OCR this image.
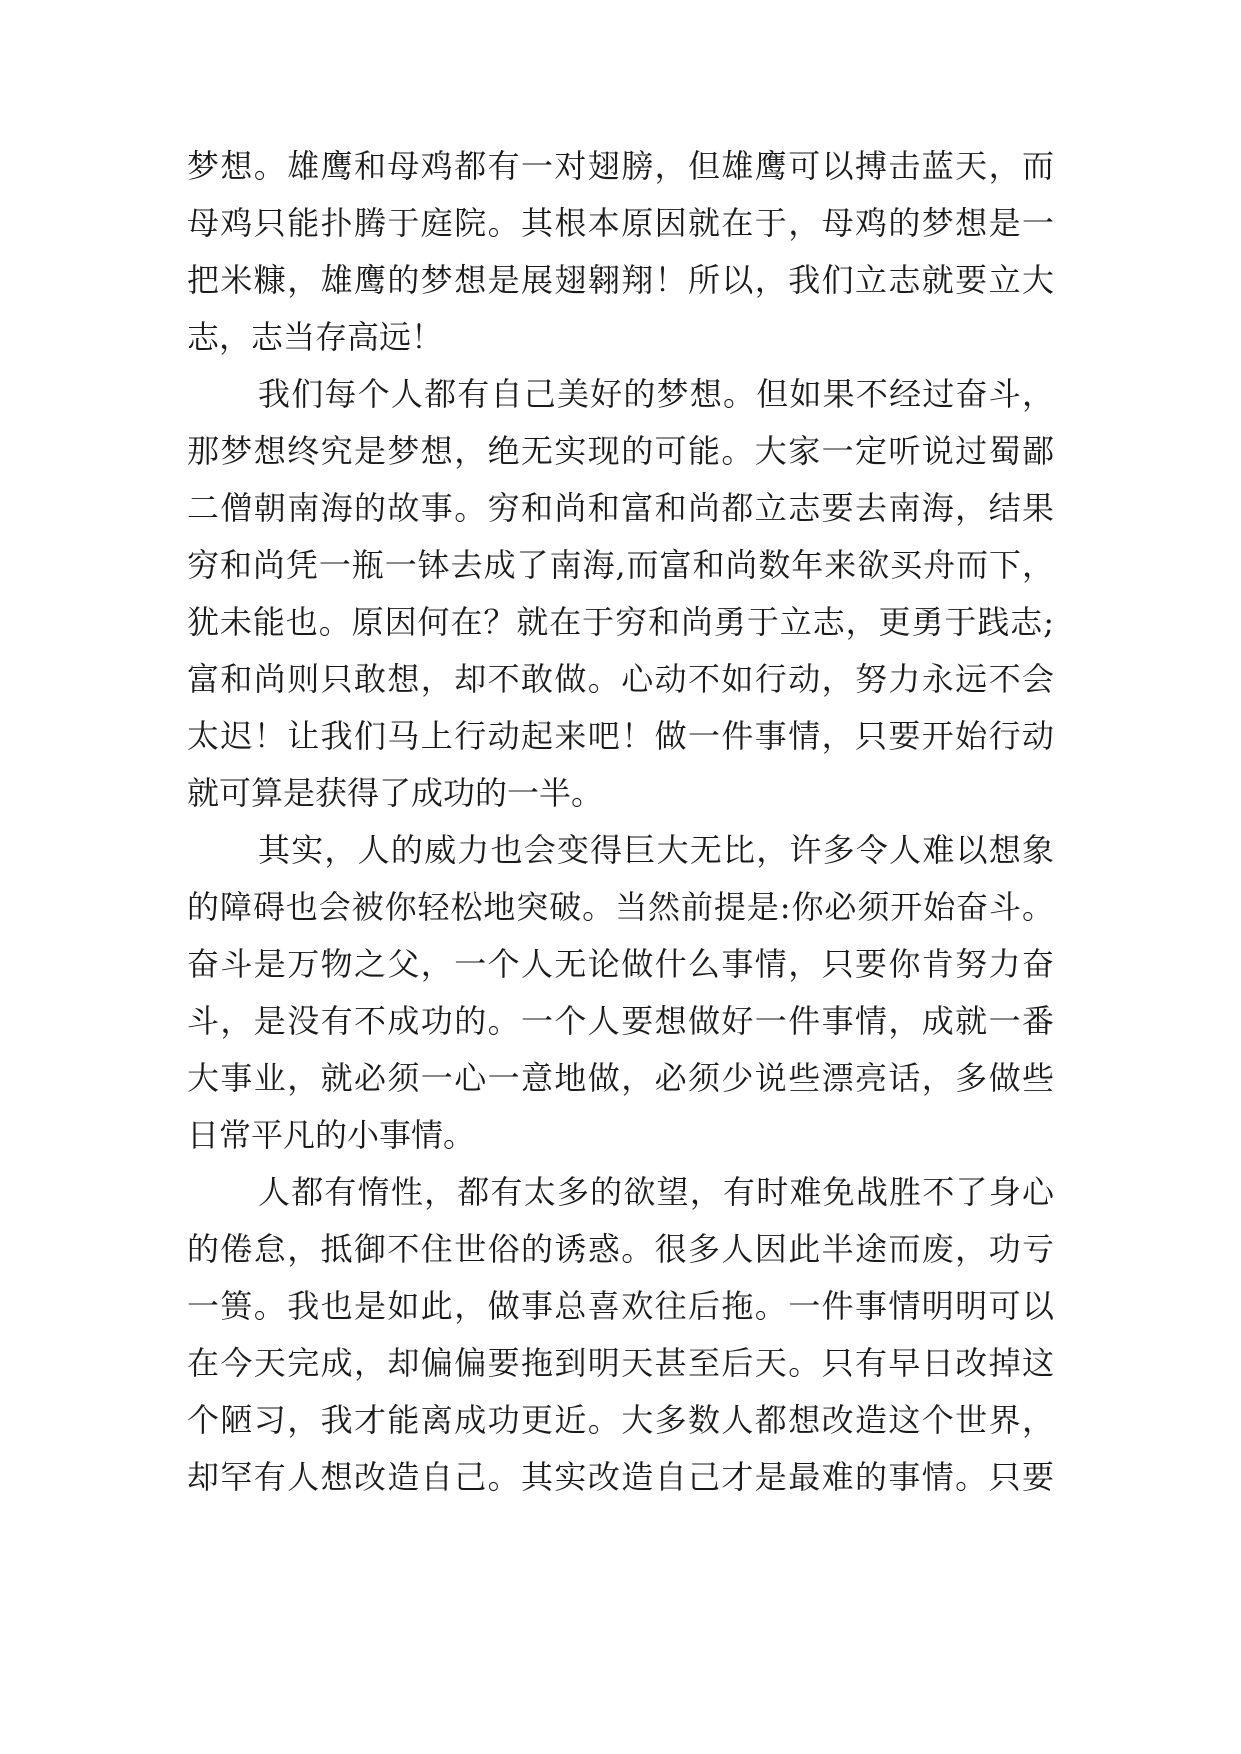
梦想。雄鹰和母鸡都有一对翅膀，但雄鹰可以搏击蓝天，而
母鸡只能扑腾于庭院。其根本原因就在于，母鸡的梦想是一
把米糠，雄鹰的梦想是展翅翱翔！所以，我们立志就要立大
志，志当存高远！
我们每个人都有自己美好的梦想。但如果不经过奋斗，
那梦想终究是梦想，绝无实现的可能。大家一定听说过蜀鄙
二僧朝南海的故事。穷和尚和富和尚都立志要去南海，结果
穷和尚凭一瓶一钵去成了南海,而富和尚数年来欲买舟而下，
犹未能也。原因何在？就在于穷和尚勇于立志，更勇于践志;
富和尚则只敢想，却不敢做。心动不如行动，努力永远不会
太迟！让我们马上行动起来吧！做一件事情，只要开始行动
就可算是获得了成功的一半。
其实，人的威力也会变得巨大无比，许多令人难以想象
的障碍也会被你轻松地突破。当然前提是:你必须开始奋斗。
奋斗是万物之父，一个人无论做什么事情，只要你肯努力奋
斗，是没有不成功的。一个人要想做好一件事情，成就一番
大事业，就必须一心一意地做，必须少说些漂亮话，多做些
日常平凡的小事情。
人都有惰性，都有太多的欲望，有时难免战胜不了身心
的倦怠，抵御不住世俗的诱惑。很多人因此半途而废，功亏
一篑。我也是如此，做事总喜欢往后拖。一件事情明明可以
在今天完成，却偏偏要拖到明天甚至后天。只有早日改掉这
个陋习，我才能离成功更近。大多数人都想改造这个世界，
却罕有人想改造自己。其实改造自己才是最难的事情。只要
